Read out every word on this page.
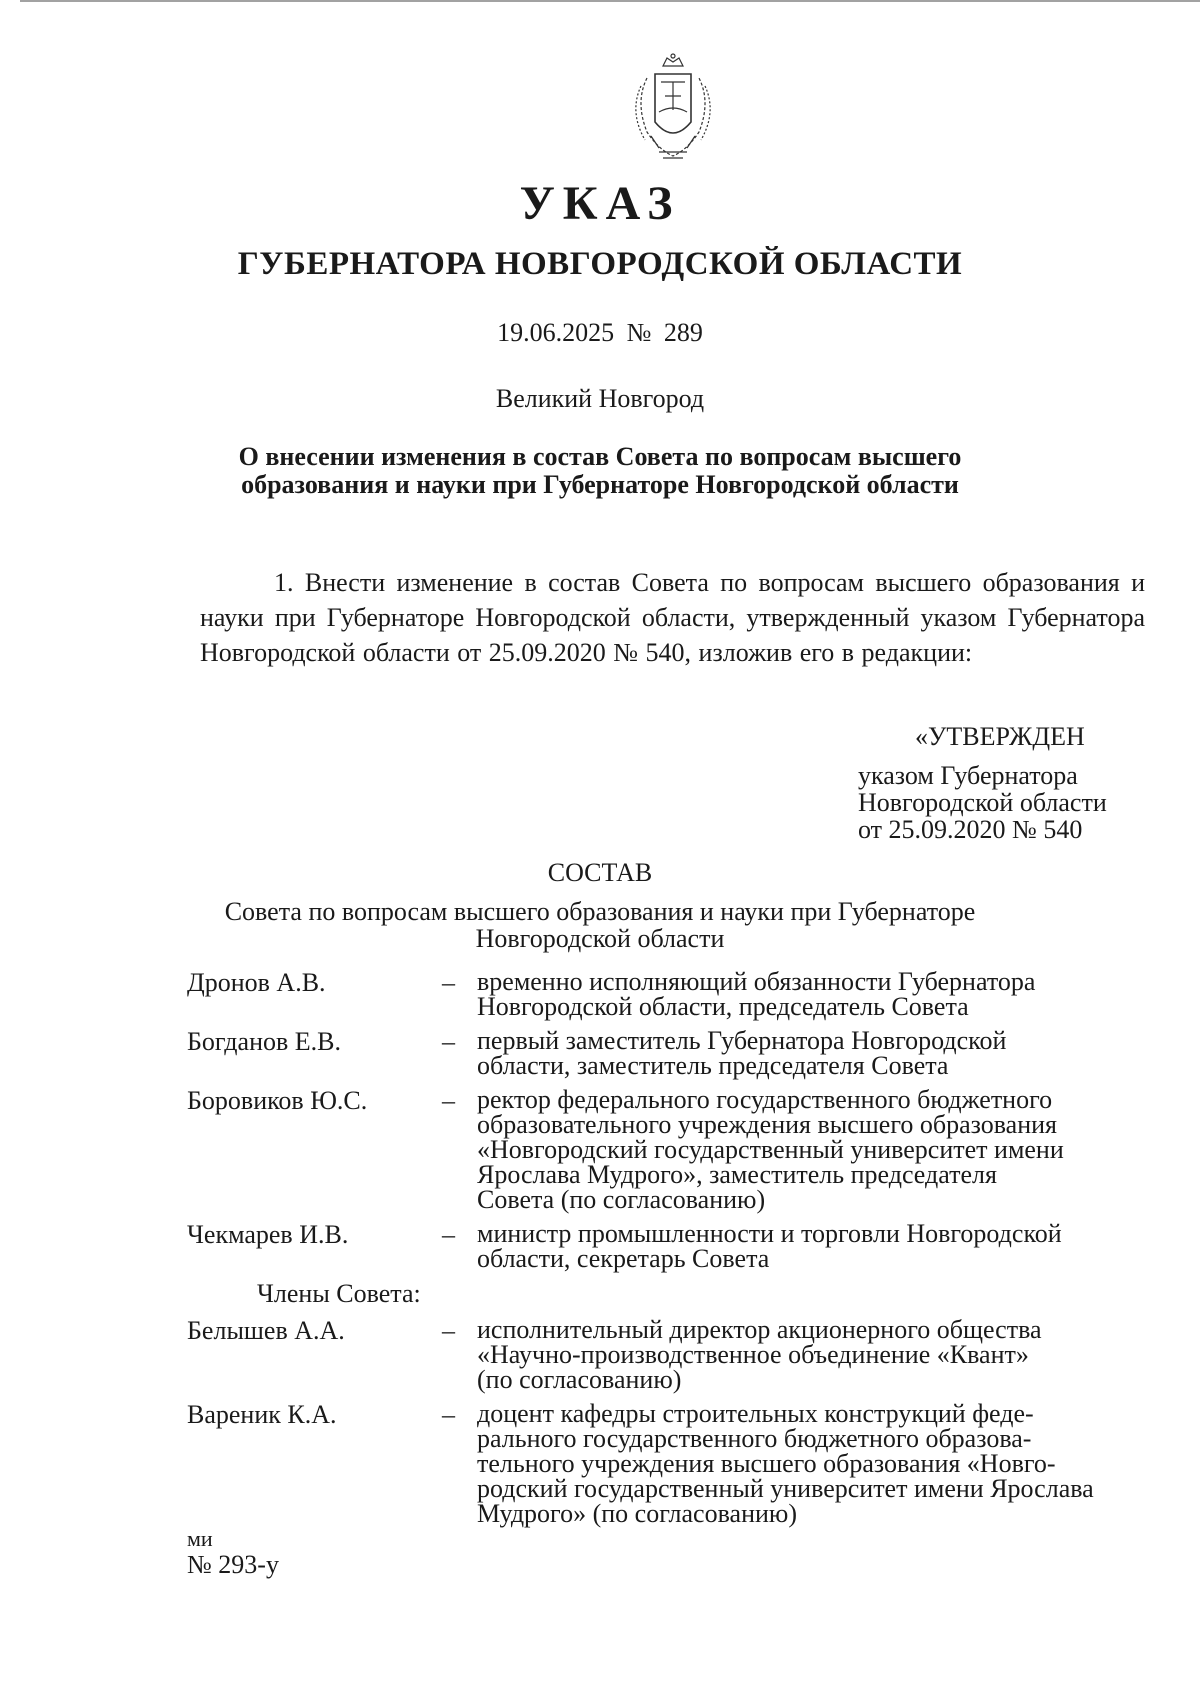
УКАЗ
ГУБЕРНАТОРА НОВГОРОДСКОЙ ОБЛАСТИ
19.06.2025 № 289
Великий Новгород
О внесении изменения в состав Совета по вопросам высшего
образования и науки при Губернаторе Новгородской области
1. Внести изменение в состав Совета по вопросам высшего образования и науки при Губернаторе Новгородской области, утвержденный указом Губернатора Новгородской области от 25.09.2020 № 540, изложив его в редакции:
«УТВЕРЖДЕН
указом Губернатора
Новгородской области
от 25.09.2020 № 540
СОСТАВ
Совета по вопросам высшего образования и науки при Губернаторе
Новгородской области
Дронов А.В.	– временно исполняющий обязанности Губернатора
Новгородской области, председатель Совета
Богданов Е.В.	– первый заместитель Губернатора Новгородской
области, заместитель председателя Совета
Боровиков Ю.С.	– ректор федерального государственного бюджетного
образовательного учреждения высшего образования
«Новгородский государственный университет имени
Ярослава Мудрого», заместитель председателя
Совета (по согласованию)
Чекмарев И.В.	– министр промышленности и торговли Новгородской
области, секретарь Совета
Члены Совета:
Белышев А.А.	– исполнительный директор акционерного общества
«Научно-производственное объединение «Квант»
(по согласованию)
Вареник К.А.	– доцент кафедры строительных конструкций феде-
рального государственного бюджетного образова-
тельного учреждения высшего образования «Новго-
родский государственный университет имени Ярослава
Мудрого» (по согласованию)
ми
№ 293-у
